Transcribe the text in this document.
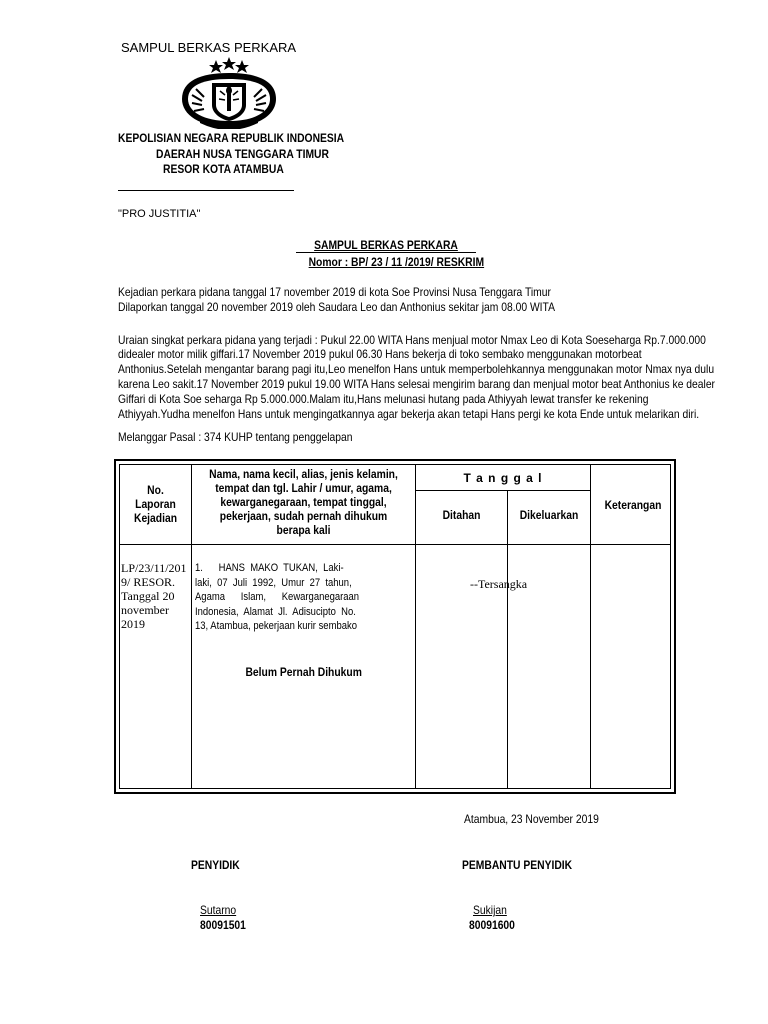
SAMPUL BERKAS PERKARA
KEPOLISIAN NEGARA REPUBLIK INDONESIA
DAERAH NUSA TENGGARA TIMUR
RESOR KOTA ATAMBUA
"PRO JUSTITIA"
SAMPUL BERKAS PERKARA
Nomor : BP/ 23 / 11 /2019/ RESKRIM
Kejadian perkara pidana tanggal 17 november 2019 di kota Soe Provinsi Nusa Tenggara Timur
Dilaporkan tanggal 20 november 2019 oleh Saudara Leo dan Anthonius sekitar jam 08.00 WITA
Uraian singkat perkara pidana yang terjadi : Pukul 22.00 WITA Hans menjual motor Nmax Leo di Kota Soeseharga Rp.7.000.000
didealer motor milik giffari.17 November 2019 pukul 06.30 Hans bekerja di toko sembako menggunakan motorbeat
Anthonius.Setelah mengantar barang pagi itu,Leo menelfon Hans untuk memperbolehkannya menggunakan motor Nmax nya dulu
karena Leo sakit.17 November 2019 pukul 19.00 WITA Hans selesai mengirim barang dan menjual motor beat Anthonius ke dealer
Giffari di Kota Soe seharga Rp 5.000.000.Malam itu,Hans melunasi hutang pada Athiyyah lewat transfer ke rekening
Athiyyah.Yudha menelfon Hans untuk mengingatkannya agar bekerja akan tetapi Hans pergi ke kota Ende untuk melarikan diri.
Melanggar Pasal : 374 KUHP tentang penggelapan
No.
Laporan
Kejadian
Nama, nama kecil, alias, jenis kelamin,
tempat dan tgl. Lahir / umur, agama,
kewarganegaraan, tempat tinggal,
pekerjaan, sudah pernah dihukum
berapa kali
T a n g g a l
Ditahan	Dikeluarkan
Keterangan
LP/23/11/201
9/ RESOR.
Tanggal 20
november
2019
1.      HANS  MAKO  TUKAN,  Laki-
laki,  07  Juli  1992,  Umur  27  tahun,
Agama      Islam,      Kewarganegaraan
Indonesia,  Alamat  Jl.  Adisucipto  No.
13, Atambua, pekerjaan kurir sembako
Belum Pernah Dihukum
--Tersangka
Atambua, 23 November 2019
PENYIDIK	PEMBANTU PENYIDIK
Sutarno
80091501
Sukijan
80091600
